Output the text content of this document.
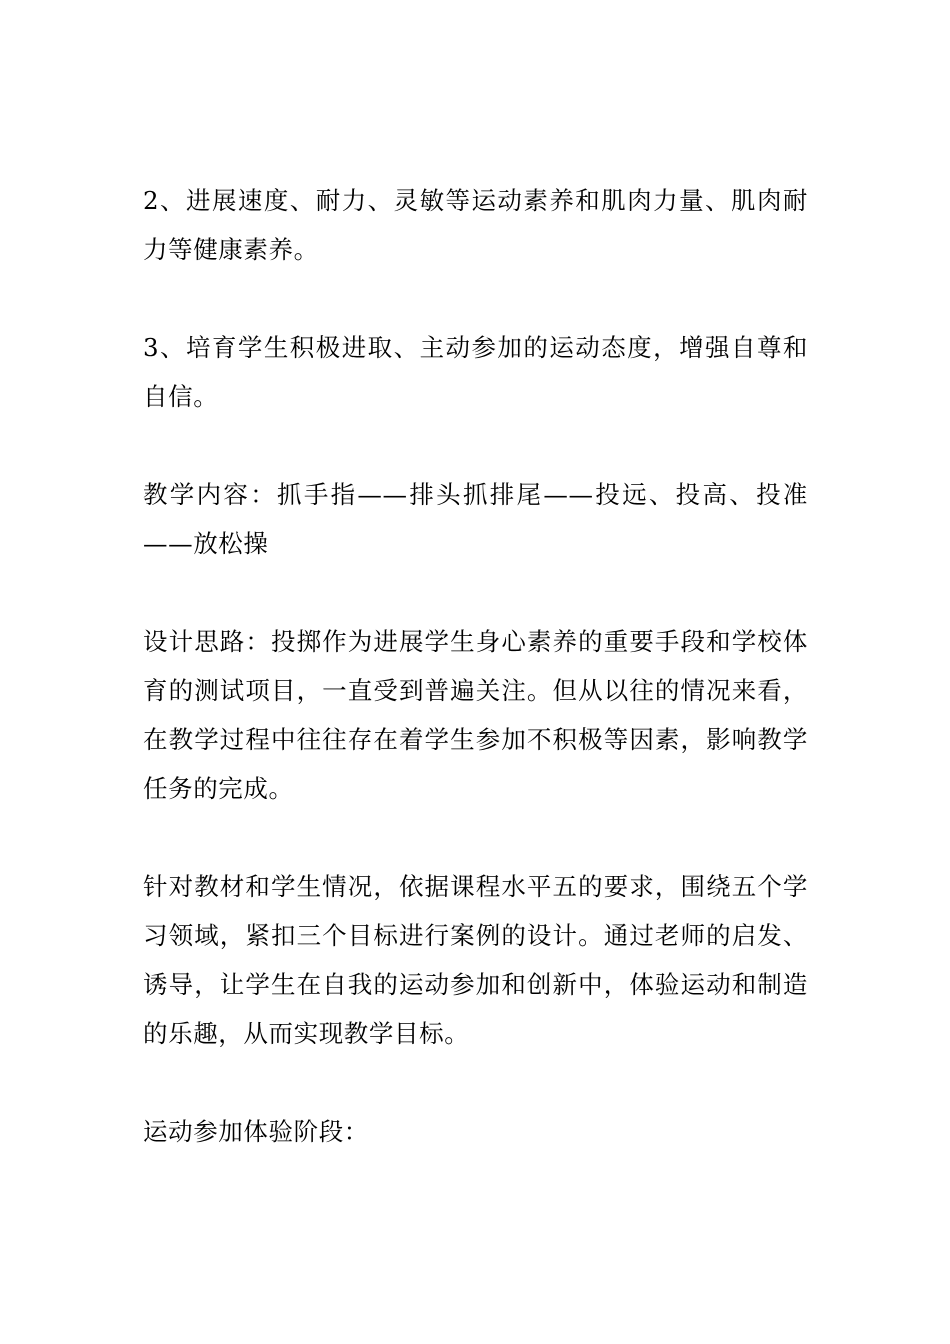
2、进展速度、耐力、灵敏等运动素养和肌肉力量、肌肉耐力等健康素养。

3、培育学生积极进取、主动参加的运动态度，增强自尊和自信。

教学内容：抓手指——排头抓排尾——投远、投高、投准——放松操

设计思路：投掷作为进展学生身心素养的重要手段和学校体育的测试项目，一直受到普遍关注。但从以往的情况来看，在教学过程中往往存在着学生参加不积极等因素，影响教学任务的完成。

针对教材和学生情况，依据课程水平五的要求，围绕五个学习领域，紧扣三个目标进行案例的设计。通过老师的启发、诱导，让学生在自我的运动参加和创新中，体验运动和制造的乐趣，从而实现教学目标。

运动参加体验阶段：
